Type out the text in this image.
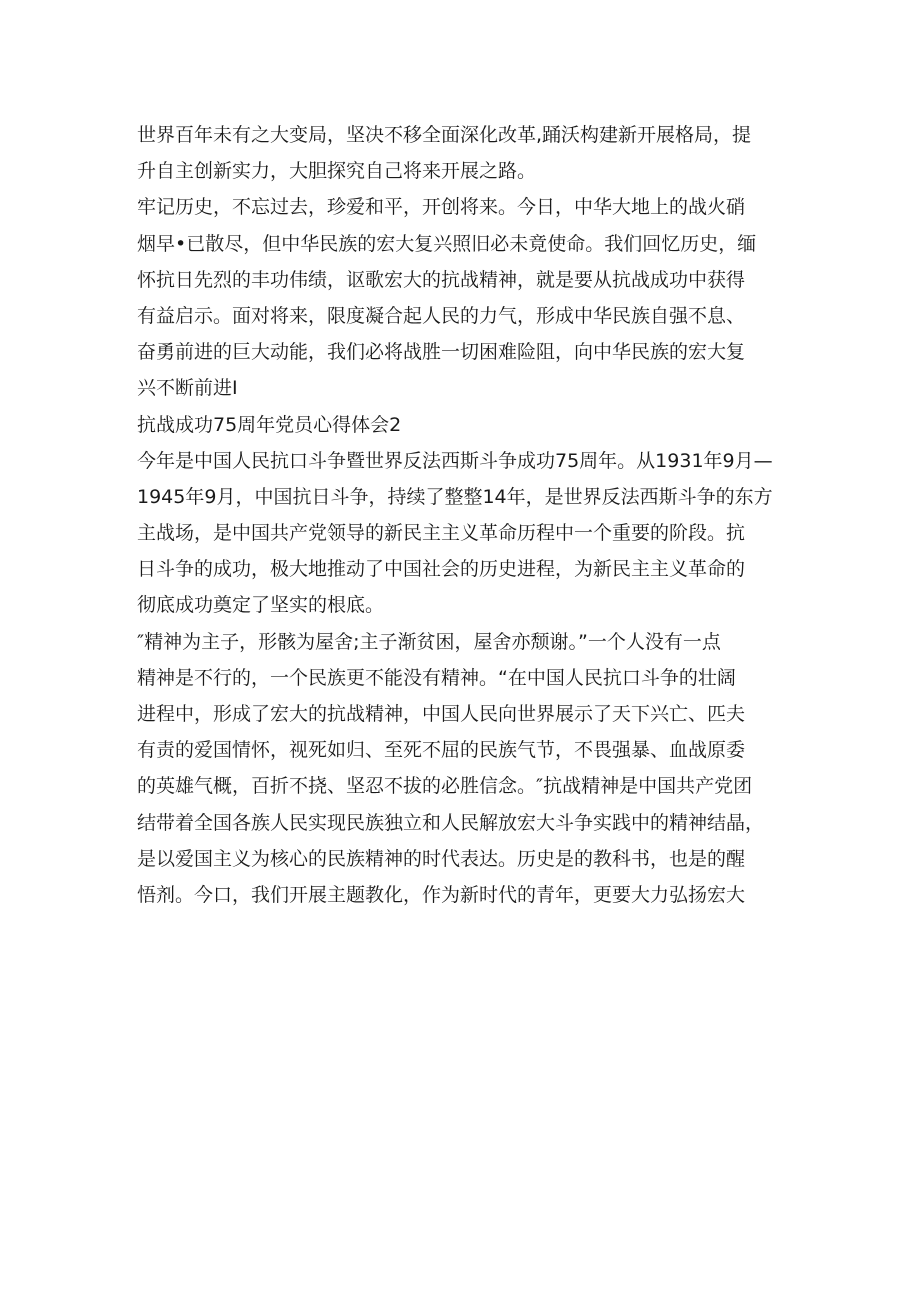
世界百年未有之大变局，坚决不移全面深化改革,踊沃构建新开展格局，提
升自主创新实力，大胆探究自己将来开展之路。
牢记历史，不忘过去，珍爱和平，开创将来。今日，中华大地上的战火硝
烟早•已散尽，但中华民族的宏大复兴照旧必未竟使命。我们回忆历史，缅
怀抗日先烈的丰功伟绩，讴歌宏大的抗战精神，就是要从抗战成功中获得
有益启示。面对将来，限度凝合起人民的力气，形成中华民族自强不息、
奋勇前进的巨大动能，我们必将战胜一切困难险阻，向中华民族的宏大复
兴不断前进I
抗战成功75周年党员心得体会2
今年是中国人民抗口斗争暨世界反法西斯斗争成功75周年。从1931年9月—
1945年9月，中国抗日斗争，持续了整整14年，是世界反法西斯斗争的东方
主战场，是中国共产党领导的新民主主义革命历程中一个重要的阶段。抗
日斗争的成功，极大地推动了中国社会的历史进程，为新民主主义革命的
彻底成功奠定了坚实的根底。
″精神为主子，形骸为屋舍;主子渐贫困，屋舍亦颓谢。”一个人没有一点
精神是不行的，一个民族更不能没有精神。“在中国人民抗口斗争的壮阔
进程中，形成了宏大的抗战精神，中国人民向世界展示了天下兴亡、匹夫
有责的爱国情怀，视死如归、至死不屈的民族气节，不畏强暴、血战原委
的英雄气概，百折不挠、坚忍不拔的必胜信念。″抗战精神是中国共产党团
结带着全国各族人民实现民族独立和人民解放宏大斗争实践中的精神结晶，
是以爱国主义为核心的民族精神的时代表达。历史是的教科书，也是的醒
悟剂。今口，我们开展主题教化，作为新时代的青年，更要大力弘扬宏大
